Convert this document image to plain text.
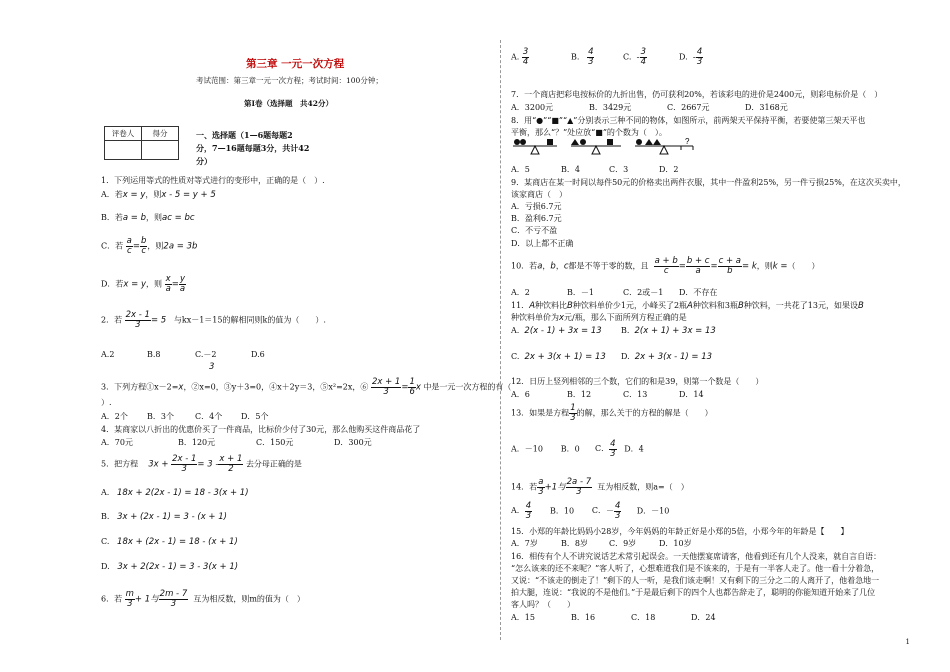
第三章 一元一次方程
考试范围：第三章一元一次方程；考试时间：100分钟；
第Ⅰ卷（选择题　共42分）
评卷人	得分
		一、选择题（1—6题每题2
分，7—16题每题3分，共计42
分）
1．下列运用等式的性质对等式进行的变形中，正确的是（　）.
A．若x = y，则x - 5 = y + 5
B．若a = b，则ac = bc
C．若 $\frac{a}{c} = \frac{b}{c}$ ，则2a = 3b
D．若x = y，则 $\frac{x}{a} = \frac{y}{a}$
2．若 $\frac{2x - 1}{3} = 5$ 与kx－1＝15的解相同则k的值为（　　）.
A.2	B.8	C.－2	D.6
3
3．下列方程①x－2=x，②x=0，③y＋3=0，④x＋2y＝3，⑤x²=2x，⑥ $\frac{2x + 1}{3} = \frac{1}{6}$ x 中是一元一次方程的有（
）.
A．2个 B．3个	C．4个 D．5个
4．某商家以八折出的优惠价买了一件商品，比标价少付了30元，那么他购买这件商品花了
A．70元	B．120元	C．150元	D．300元
5．把方程 $3x + \frac{2x - 1}{3} = 3 - \frac{x + 1}{2}$ 去分母正确的是
A. 18x + 2(2x - 1) = 18 - 3(x + 1)
B. 3x + (2x - 1) = 3 - (x + 1)
C. 18x + (2x - 1) = 18 - (x + 1)
D. 3x + 2(2x - 1) = 3 - 3(x + 1)
6．若 $\frac{m}{3} + 1$与 $\frac{2m - 7}{3}$ 互为相反数，则m的值为（　）
A. $\frac{3}{4}$	B. $\frac{4}{3}$	C. - $\frac{3}{4}$	D. - $\frac{4}{3}$
7．一个商店把彩电按标价的九折出售，仍可获利20%，若该彩电的进价是2400元，则彩电标价是（　）
A．3200元	B．3429元	C．2667元	D．3168元
8．用“●”“■”“▲”分别表示三种不同的物体，如图所示，前两架天平保持平衡，若要使第三架天平也
平衡，那么“？”处应放“■”的个数为（　）。
?
A．5	B．4	C．3	D．2
9．某商店在某一时间以每件50元的价格卖出两件衣服，其中一件盈利25%，另一件亏损25%，在这次买卖中，
该家商店（　）
A．亏损6.7元
B．盈利6.7元
C．不亏不盈
D．以上都不正确
10．若a，b，c都是不等于零的数，且 $\frac{a + b}{c} = \frac{b + c}{a} = \frac{c + a}{b} = k$，则k =（　　）
A．2	B．－1	C．2或－1 D．不存在
11．A种饮料比B种饮料单价少1元，小峰买了2瓶A种饮料和3瓶B种饮料，一共花了13元，如果设B
种饮料单价为x元/瓶，那么下面所列方程正确的是
A. 2(x - 1) + 3x = 13 B. 2(x + 1) + 3x = 13
C. 2x + 3(x + 1) = 13 D. 2x + 3(x - 1) = 13
12．日历上竖列相邻的三个数，它们的和是39，则第一个数是（　　）
A．6	B．12	C．13	D．14
13．如果是方程 $\frac{1}{3}$ 的解，那么关于的方程的解是（　　）
A．－10 B．0 C． $\frac{4}{3}$ D．4
14．若 $\frac{a}{3} +1$与 $\frac{2a - 7}{3}$ 互为相反数，则a=（　）
A． $\frac{4}{3}$ B．10 C．－ $\frac{4}{3}$ D．－10
15．小郑的年龄比妈妈小28岁，今年妈妈的年龄正好是小郑的5倍，小郑今年的年龄是【　　】
A．7岁	B．8岁	C．9岁	D．10岁
16．相传有个人不讲究说话艺术常引起误会。一天他摆宴席请客，他看到还有几个人没来，就自言自语：
“怎么该来的还不来呢？”客人听了，心想难道我们是不该来的，于是有一半客人走了。他一看十分着急，
又说：“不该走的倒走了！”剩下的人一听，是我们该走啊！又有剩下的三分之二的人离开了，他着急地一
拍大腿，连说：“我说的不是他们。”于是最后剩下的四个人也都告辞走了，聪明的你能知道开始来了几位
客人吗？（　　）
A．15	B．16	C．18	D．24
1
